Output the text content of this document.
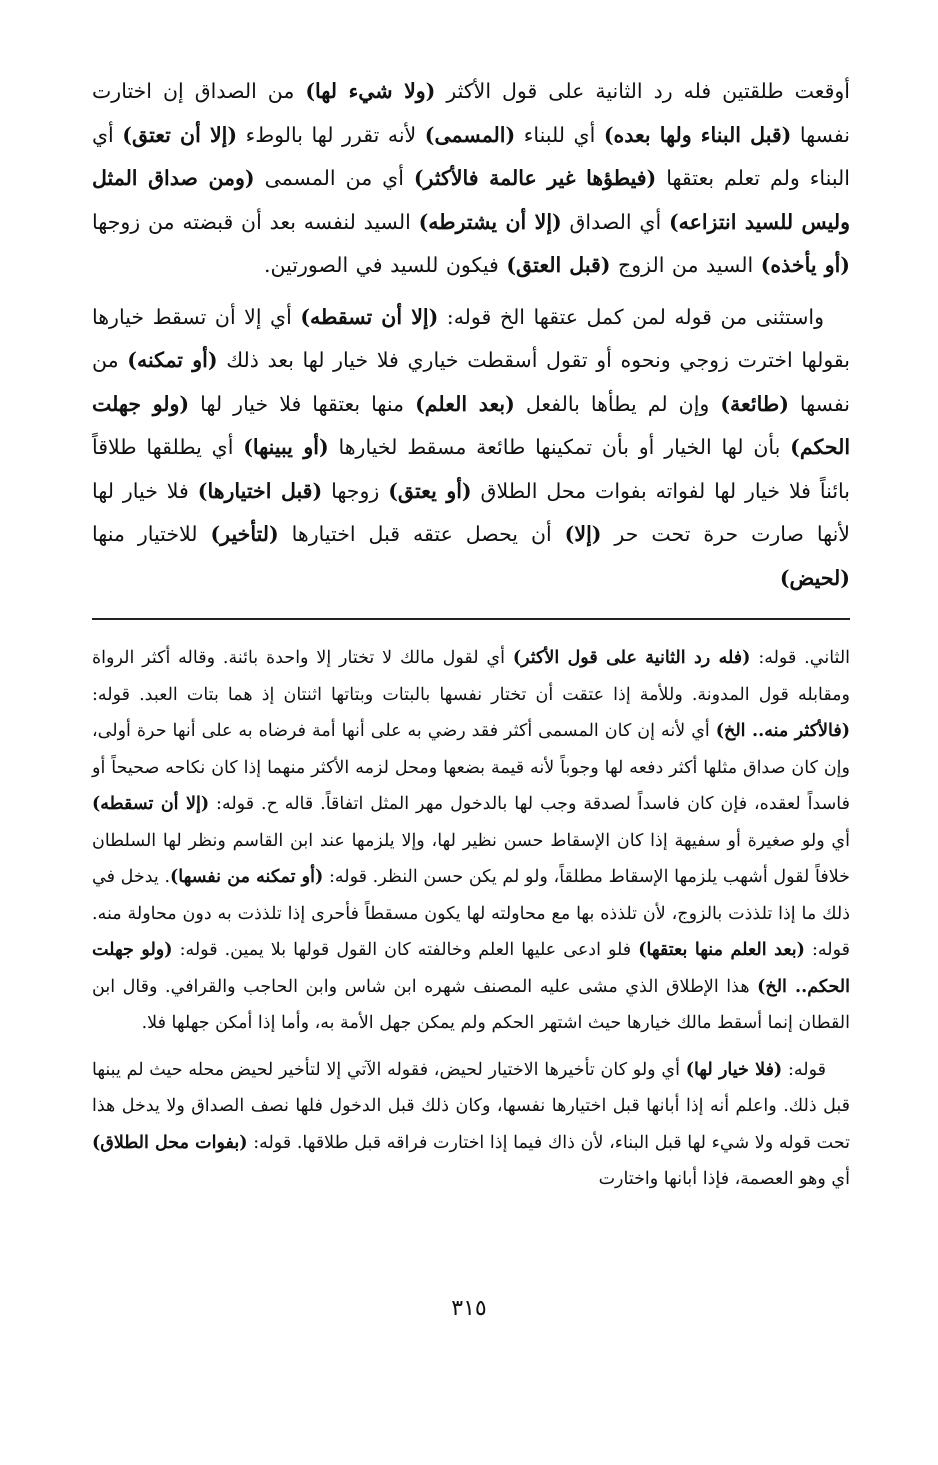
أوقعت طلقتين فله رد الثانية على قول الأكثر (ولا شيء لها) من الصداق إن اختارت نفسها (قبل البناء ولها بعده) أي للبناء (المسمى) لأنه تقرر لها بالوطء (إلا أن تعتق) أي البناء ولم تعلم بعتقها (فيطؤها غير عالمة فالأكثر) أي من المسمى (ومن صداق المثل وليس للسيد انتزاعه) أي الصداق (إلا أن يشترطه) السيد لنفسه بعد أن قبضته من زوجها (أو يأخذه) السيد من الزوج (قبل العتق) فيكون للسيد في الصورتين.

واستثنى من قوله لمن كمل عتقها الخ قوله: (إلا أن تسقطه) أي إلا أن تسقط خيارها بقولها اخترت زوجي ونحوه أو تقول أسقطت خياري فلا خيار لها بعد ذلك (أو تمكنه) من نفسها (طائعة) وإن لم يطأها بالفعل (بعد العلم) منها بعتقها فلا خيار لها (ولو جهلت الحكم) بأن لها الخيار أو بأن تمكينها طائعة مسقط لخيارها (أو يبينها) أي يطلقها طلاقاً بائناً فلا خيار لها لفواته بفوات محل الطلاق (أو يعتق) زوجها (قبل اختيارها) فلا خيار لها لأنها صارت حرة تحت حر (إلا) أن يحصل عتقه قبل اختيارها (لتأخير) للاختيار منها (لحيض)

الثاني. قوله: (فله رد الثانية على قول الأكثر) أي لقول مالك لا تختار إلا واحدة بائنة. وقاله أكثر الرواة ومقابله قول المدونة. وللأمة إذا عتقت أن تختار نفسها بالبتات وبتاتها اثنتان إذ هما بتات العبد. قوله: (فالأكثر منه.. الخ) أي لأنه إن كان المسمى أكثر فقد رضي به على أنها أمة فرضاه به على أنها حرة أولى، وإن كان صداق مثلها أكثر دفعه لها وجوباً لأنه قيمة بضعها ومحل لزمه الأكثر منهما إذا كان نكاحه صحيحاً أو فاسداً لعقده، فإن كان فاسداً لصدقة وجب لها بالدخول مهر المثل اتفاقاً. قاله ح. قوله: (إلا أن تسقطه) أي ولو صغيرة أو سفيهة إذا كان الإسقاط حسن نظير لها، وإلا يلزمها عند ابن القاسم ونظر لها السلطان خلافاً لقول أشهب يلزمها الإسقاط مطلقاً، ولو لم يكن حسن النظر. قوله: (أو تمكنه من نفسها). يدخل في ذلك ما إذا تلذذت بالزوج، لأن تلذذه بها مع محاولته لها يكون مسقطاً فأحرى إذا تلذذت به دون محاولة منه. قوله: (بعد العلم منها بعتقها) فلو ادعى عليها العلم وخالفته كان القول قولها بلا يمين. قوله: (ولو جهلت الحكم.. الخ) هذا الإطلاق الذي مشى عليه المصنف شهره ابن شاس وابن الحاجب والقرافي. وقال ابن القطان إنما أسقط مالك خيارها حيث اشتهر الحكم ولم يمكن جهل الأمة به، وأما إذا أمكن جهلها فلا.

قوله: (فلا خيار لها) أي ولو كان تأخيرها الاختيار لحيض، فقوله الآتي إلا لتأخير لحيض محله حيث لم يبنها قبل ذلك. واعلم أنه إذا أبانها قبل اختيارها نفسها، وكان ذلك قبل الدخول فلها نصف الصداق ولا يدخل هذا تحت قوله ولا شيء لها قبل البناء، لأن ذاك فيما إذا اختارت فراقه قبل طلاقها. قوله: (بفوات محل الطلاق) أي وهو العصمة، فإذا أبانها واختارت

٣١٥
